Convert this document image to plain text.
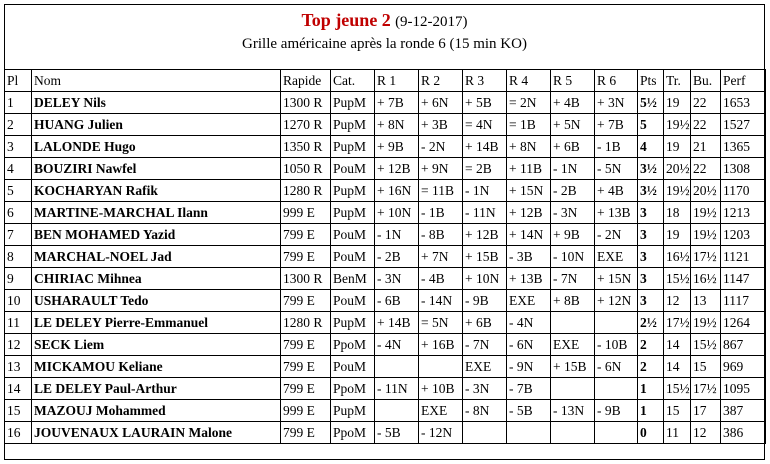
Top jeune 2 (9-12-2017)
Grille américaine après la ronde 6 (15 min KO)
Pl	Nom	Rapide	Cat.	R 1	R 2	R 3	R 4	R 5	R 6	Pts	Tr.	Bu.	Perf
1	DELEY Nils	1300 R	PupM	+ 7B	+ 6N	+ 5B	= 2N	+ 4B	+ 3N	5½	19	22	1653
2	HUANG Julien	1270 R	PupM	+ 8N	+ 3B	= 4N	= 1B	+ 5N	+ 7B	5	19½	22	1527
3	LALONDE Hugo	1350 R	PupM	+ 9B	- 2N	+ 14B	+ 8N	+ 6B	- 1B	4	19	21	1365
4	BOUZIRI Nawfel	1050 R	PouM	+ 12B	+ 9N	= 2B	+ 11B	- 1N	- 5N	3½	20½	22	1308
5	KOCHARYAN Rafik	1280 R	PupM	+ 16N	= 11B	- 1N	+ 15N	- 2B	+ 4B	3½	19½	20½	1170
6	MARTINE-MARCHAL Ilann	999 E	PupM	+ 10N	- 1B	- 11N	+ 12B	- 3N	+ 13B	3	18	19½	1213
7	BEN MOHAMED Yazid	799 E	PouM	- 1N	- 8B	+ 12B	+ 14N	+ 9B	- 2N	3	19	19½	1203
8	MARCHAL-NOEL Jad	799 E	PouM	- 2B	+ 7N	+ 15B	- 3B	- 10N	EXE	3	16½	17½	1121
9	CHIRIAC Mihnea	1300 R	BenM	- 3N	- 4B	+ 10N	+ 13B	- 7N	+ 15N	3	15½	16½	1147
10	USHARAULT Tedo	799 E	PouM	- 6B	- 14N	- 9B	EXE	+ 8B	+ 12N	3	12	13	1117
11	LE DELEY Pierre-Emmanuel	1280 R	PupM	+ 14B	= 5N	+ 6B	- 4N			2½	17½	19½	1264
12	SECK Liem	799 E	PpoM	- 4N	+ 16B	- 7N	- 6N	EXE	- 10B	2	14	15½	867
13	MICKAMOU Keliane	799 E	PouM			EXE	- 9N	+ 15B	- 6N	2	14	15	969
14	LE DELEY Paul-Arthur	799 E	PpoM	- 11N	+ 10B	- 3N	- 7B			1	15½	17½	1095
15	MAZOUJ Mohammed	999 E	PupM		EXE	- 8N	- 5B	- 13N	- 9B	1	15	17	387
16	JOUVENAUX LAURAIN Malone	799 E	PpoM	- 5B	- 12N					0	11	12	386
